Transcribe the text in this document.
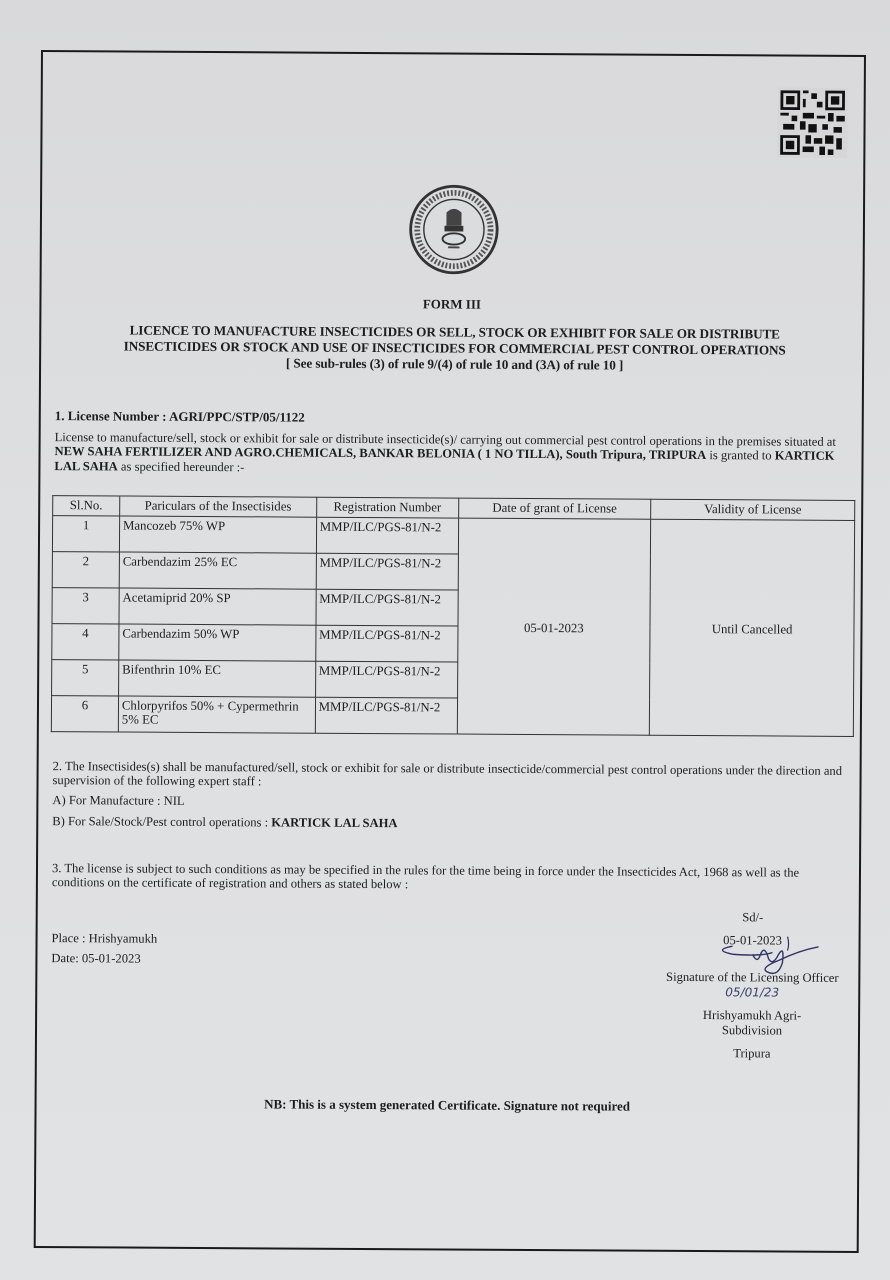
FORM III
LICENCE TO MANUFACTURE INSECTICIDES OR SELL, STOCK OR EXHIBIT FOR SALE OR DISTRIBUTE
INSECTICIDES OR STOCK AND USE OF INSECTICIDES FOR COMMERCIAL PEST CONTROL OPERATIONS
[ See sub-rules (3) of rule 9/(4) of rule 10 and (3A) of rule 10 ]
1. License Number : AGRI/PPC/STP/05/1122
License to manufacture/sell, stock or exhibit for sale or distribute insecticide(s)/ carrying out commercial pest control operations in the premises situated at NEW SAHA FERTILIZER AND AGRO.CHEMICALS, BANKAR BELONIA ( 1 NO TILLA), South Tripura, TRIPURA is granted to KARTICK LAL SAHA as specified hereunder :-
Sl.No.	Pariculars of the Insectisides	Registration Number	Date of grant of License	Validity of License
1	Mancozeb 75% WP	MMP/ILC/PGS-81/N-2	05-01-2023	Until Cancelled
2	Carbendazim 25% EC	MMP/ILC/PGS-81/N-2		
3	Acetamiprid 20% SP	MMP/ILC/PGS-81/N-2		
4	Carbendazim 50% WP	MMP/ILC/PGS-81/N-2		
5	Bifenthrin 10% EC	MMP/ILC/PGS-81/N-2		
6	Chlorpyrifos 50% + Cypermethrin 5% EC	MMP/ILC/PGS-81/N-2		

2. The Insectisides(s) shall be manufactured/sell, stock or exhibit for sale or distribute insecticide/commercial pest control operations under the direction and supervision of the following expert staff :

A) For Manufacture : NIL

B) For Sale/Stock/Pest control operations : KARTICK LAL SAHA

3. The license is subject to such conditions as may be specified in the rules for the time being in force under the Insecticides Act, 1968 as well as the conditions on the certificate of registration and others as stated below :
Place : Hrishyamukh
Date: 05-01-2023
Sd/-
05-01-2023
Signature of the Licensing Officer 05/01/23
Hrishyamukh Agri-
Subdivision
Tripura
NB: This is a system generated Certificate. Signature not required
